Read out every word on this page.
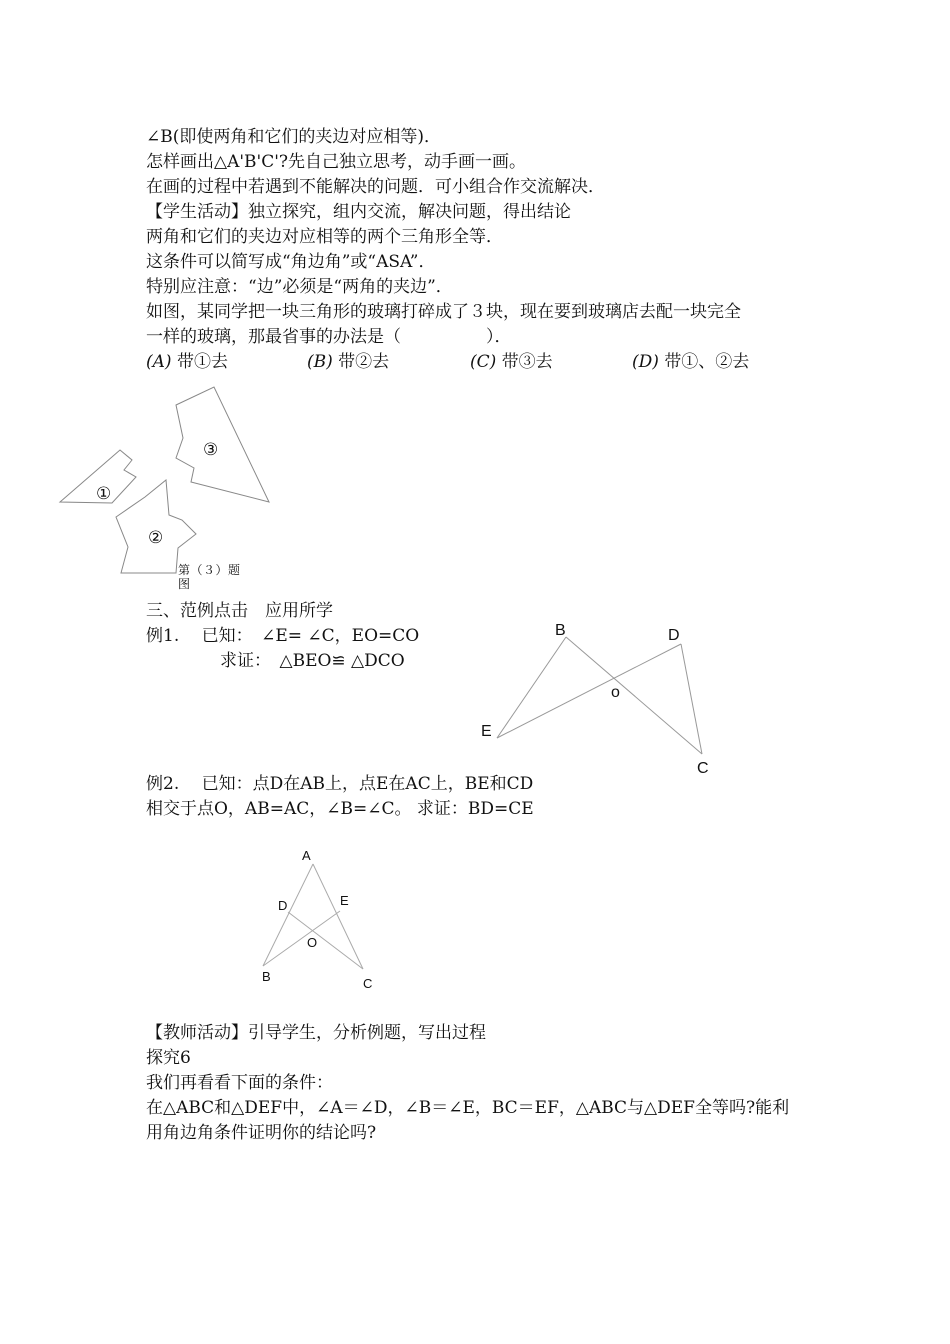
∠B(即使两角和它们的夹边对应相等)．
怎样画出△A'B'C'?先自己独立思考，动手画一画。
在画的过程中若遇到不能解决的问题．可小组合作交流解决．
【学生活动】独立探究，组内交流，解决问题，得出结论
两角和它们的夹边对应相等的两个三角形全等．
这条件可以简写成“角边角”或“ASA”．
特别应注意：“边”必须是“两角的夹边”．
如图，某同学把一块三角形的玻璃打碎成了３块，现在要到玻璃店去配一块完全
一样的玻璃，那最省事的办法是（　　　　　）．
(A) 带①去	(B) 带②去	(C) 带③去	(D) 带①、②去
①
②
③
第（３）题图
三、范例点击　应用所学
例1.　 已知：　∠E= ∠C，EO=CO
求证：　△BEO≌ △DCO
B	D
o
E
C
例2.　 已知：点D在AB上，点E在AC上，BE和CD
相交于点O，AB=AC，∠B=∠C。 求证：BD=CE
A
D	E
O
B	C
【教师活动】引导学生，分析例题，写出过程
探究6
我们再看看下面的条件：
在△ABC和△DEF中，∠A＝∠D，∠B＝∠E，BC＝EF，△ABC与△DEF全等吗?能利
用角边角条件证明你的结论吗?
